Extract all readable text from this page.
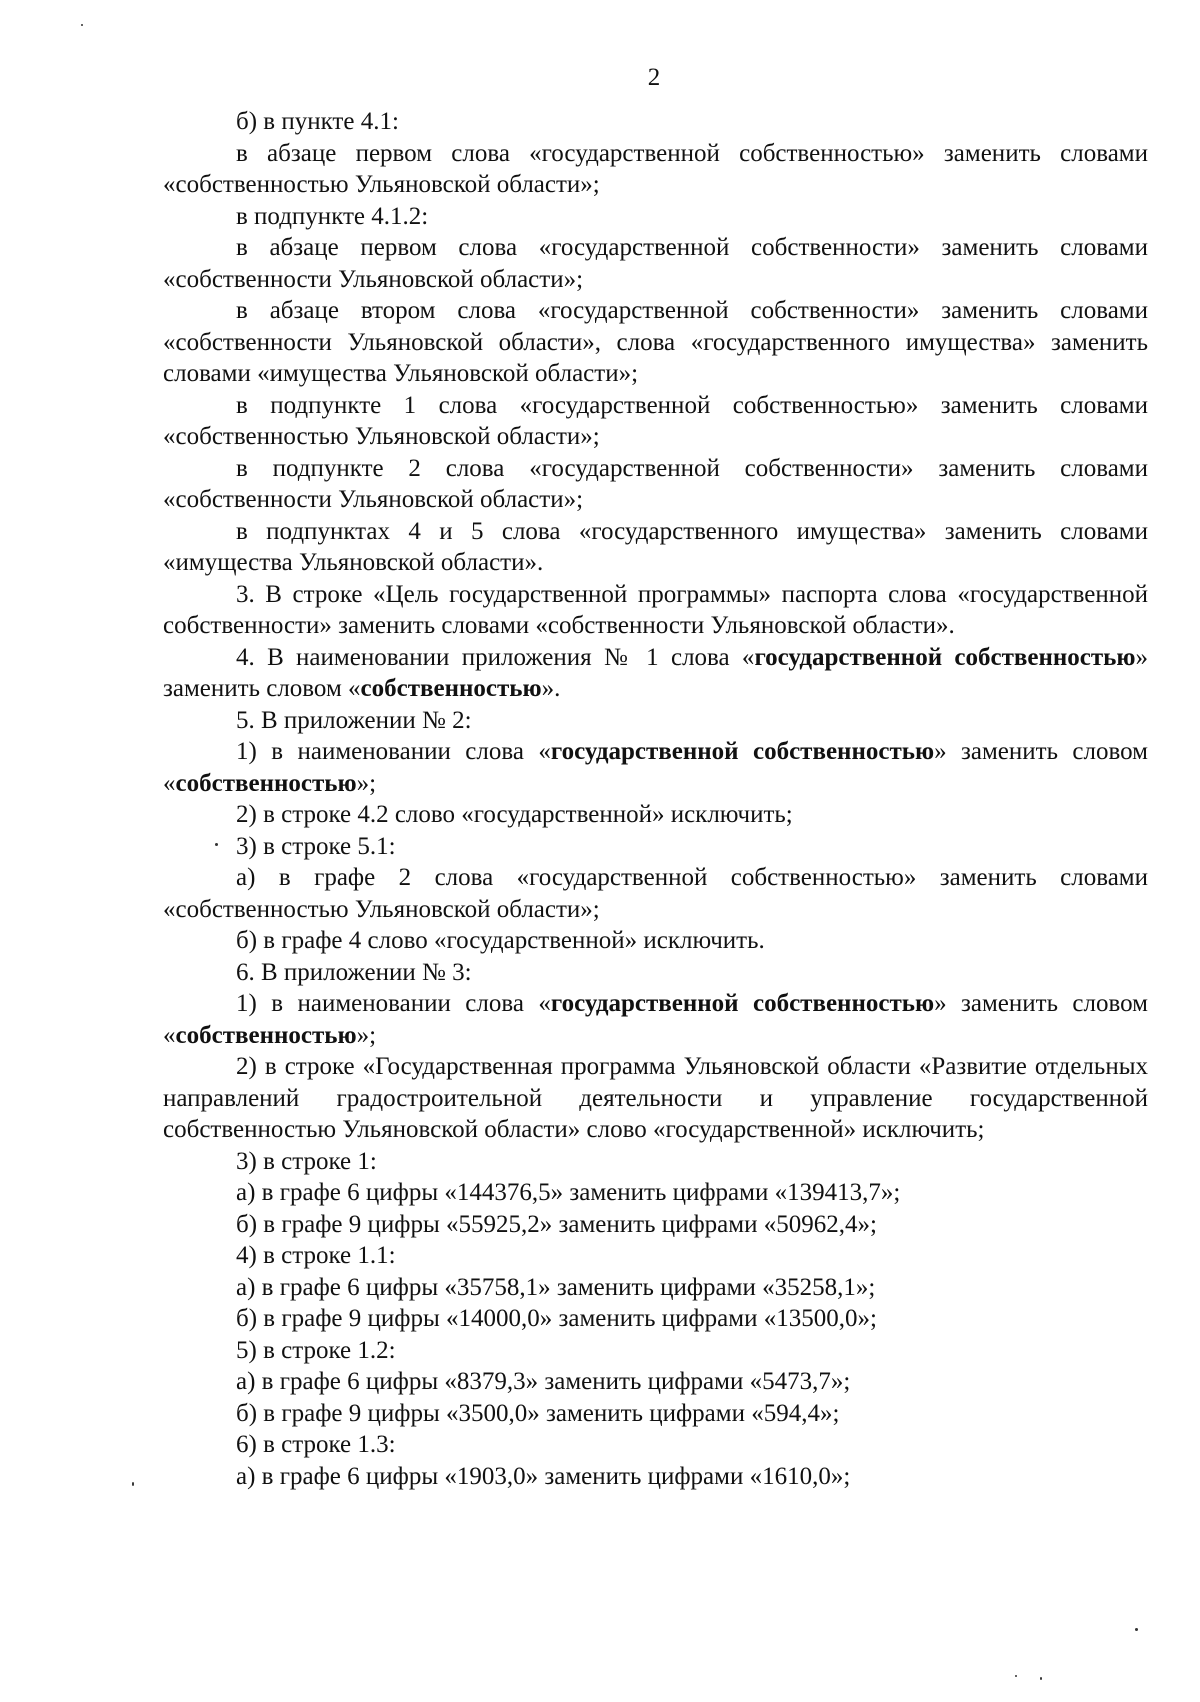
2

б) в пункте 4.1:

в абзаце первом слова «государственной собственностью» заменить словами «собственностью Ульяновской области»;

в подпункте 4.1.2:

в абзаце первом слова «государственной собственности» заменить словами «собственности Ульяновской области»;

в абзаце втором слова «государственной собственности» заменить словами «собственности Ульяновской области», слова «государственного имущества» заменить словами «имущества Ульяновской области»;

в подпункте 1 слова «государственной собственностью» заменить словами «собственностью Ульяновской области»;

в подпункте 2 слова «государственной собственности» заменить словами «собственности Ульяновской области»;

в подпунктах 4 и 5 слова «государственного имущества» заменить словами «имущества Ульяновской области».

3. В строке «Цель государственной программы» паспорта слова «государственной собственности» заменить словами «собственности Ульяновской области».

4. В наименовании приложения № 1 слова «государственной собственностью» заменить словом «собственностью».

5. В приложении № 2:

1) в наименовании слова «государственной собственностью» заменить словом «собственностью»;

2) в строке 4.2 слово «государственной» исключить;

3) в строке 5.1:

а) в графе 2 слова «государственной собственностью» заменить словами «собственностью Ульяновской области»;

б) в графе 4 слово «государственной» исключить.

6. В приложении № 3:

1) в наименовании слова «государственной собственностью» заменить словом «собственностью»;

2) в строке «Государственная программа Ульяновской области «Развитие отдельных направлений градостроительной деятельности и управление государственной собственностью Ульяновской области» слово «государственной» исключить;

3) в строке 1:

а) в графе 6 цифры «144376,5» заменить цифрами «139413,7»;

б) в графе 9 цифры «55925,2» заменить цифрами «50962,4»;

4) в строке 1.1:

а) в графе 6 цифры «35758,1» заменить цифрами «35258,1»;

б) в графе 9 цифры «14000,0» заменить цифрами «13500,0»;

5) в строке 1.2:

а) в графе 6 цифры «8379,3» заменить цифрами «5473,7»;

б) в графе 9 цифры «3500,0» заменить цифрами «594,4»;

6) в строке 1.3:

а) в графе 6 цифры «1903,0» заменить цифрами «1610,0»;
